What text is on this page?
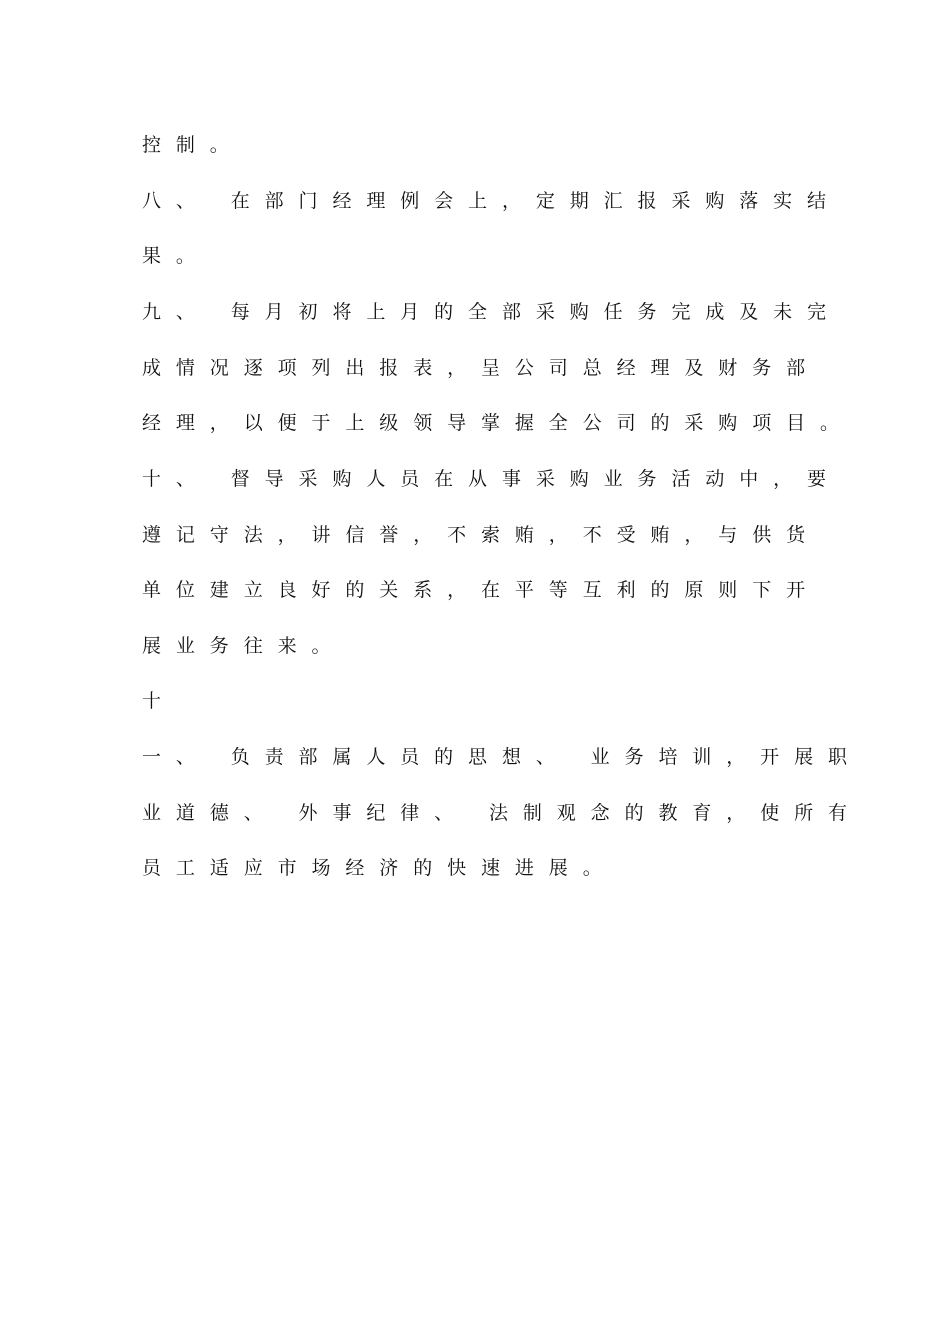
控制。
八、 在部门经理例会上，定期汇报采购落实结
果。
九、 每月初将上月的全部采购任务完成及未完
成情况逐项列出报表，呈公司总经理及财务部
经理，以便于上级领导掌握全公司的采购项目。
十、 督导采购人员在从事采购业务活动中，要
遵记守法，讲信誉，不索贿，不受贿，与供货
单位建立良好的关系，在平等互利的原则下开
展业务往来。
十
一、 负责部属人员的思想、 业务培训，开展职
业道德、 外事纪律、 法制观念的教育，使所有
员工适应市场经济的快速进展。
